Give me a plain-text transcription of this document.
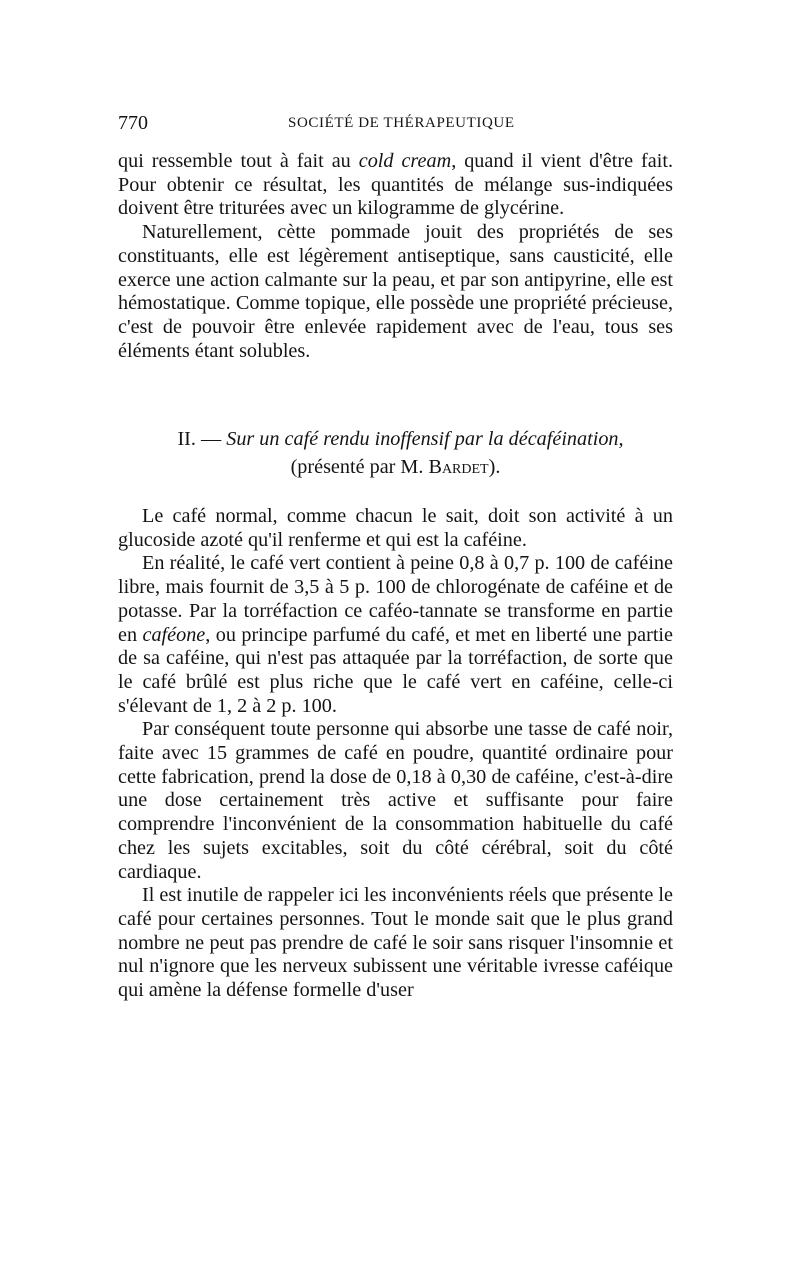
770	SOCIÉTÉ DE THÉRAPEUTIQUE

qui ressemble tout à fait au cold cream, quand il vient d'être fait. Pour obtenir ce résultat, les quantités de mélange sus-indiquées doivent être triturées avec un kilogramme de glycérine.

Naturellement, cètte pommade jouit des propriétés de ses constituants, elle est légèrement antiseptique, sans causticité, elle exerce une action calmante sur la peau, et par son antipyrine, elle est hémostatique. Comme topique, elle possède une propriété précieuse, c'est de pouvoir être enlevée rapidement avec de l'eau, tous ses éléments étant solubles.

II. — Sur un café rendu inoffensif par la décaféination,
(présenté par M. Bardet).

Le café normal, comme chacun le sait, doit son activité à un glucoside azoté qu'il renferme et qui est la caféine.

En réalité, le café vert contient à peine 0,8 à 0,7 p. 100 de caféine libre, mais fournit de 3,5 à 5 p. 100 de chlorogénate de caféine et de potasse. Par la torréfaction ce caféo-tannate se transforme en partie en caféone, ou principe parfumé du café, et met en liberté une partie de sa caféine, qui n'est pas attaquée par la torréfaction, de sorte que le café brûlé est plus riche que le café vert en caféine, celle-ci s'élevant de 1, 2 à 2 p. 100.

Par conséquent toute personne qui absorbe une tasse de café noir, faite avec 15 grammes de café en poudre, quantité ordinaire pour cette fabrication, prend la dose de 0,18 à 0,30 de caféine, c'est-à-dire une dose certainement très active et suffisante pour faire comprendre l'inconvénient de la consommation habituelle du café chez les sujets excitables, soit du côté cérébral, soit du côté cardiaque.

Il est inutile de rappeler ici les inconvénients réels que présente le café pour certaines personnes. Tout le monde sait que le plus grand nombre ne peut pas prendre de café le soir sans risquer l'insomnie et nul n'ignore que les nerveux subissent une véritable ivresse caféique qui amène la défense formelle d'user
